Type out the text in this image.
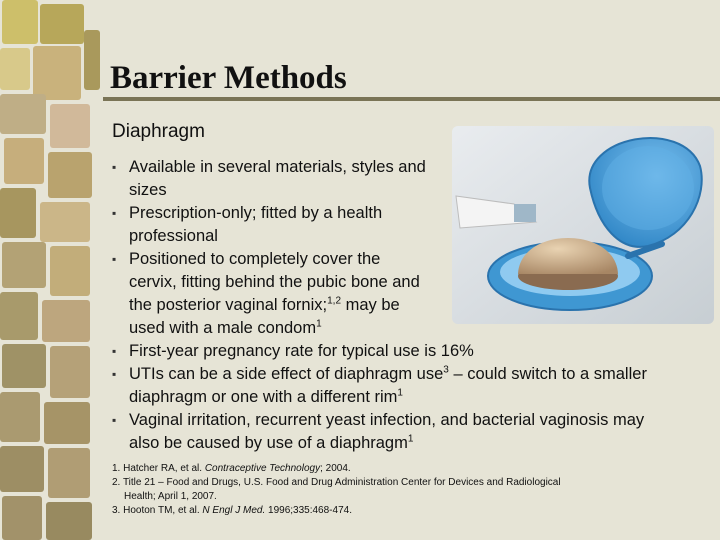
Barrier Methods
Diaphragm
▪ Available in several materials, styles and sizes
▪ Prescription-only; fitted by a health professional
▪ Positioned to completely cover the cervix, fitting behind the pubic bone and the posterior vaginal fornix;$^{1,2}$ may be used with a male condom$^1$
▪ First-year pregnancy rate for typical use is 16%
▪ UTIs can be a side effect of diaphragm use$^3$ – could switch to a smaller diaphragm or one with a different rim$^1$
▪ Vaginal irritation, recurrent yeast infection, and bacterial vaginosis may also be caused by use of a diaphragm$^1$
1. Hatcher RA, et al. Contraceptive Technology; 2004.
2. Title 21 – Food and Drugs, U.S. Food and Drug Administration Center for Devices and Radiological
Health; April 1, 2007.
3. Hooton TM, et al. N Engl J Med. 1996;335:468-474.
